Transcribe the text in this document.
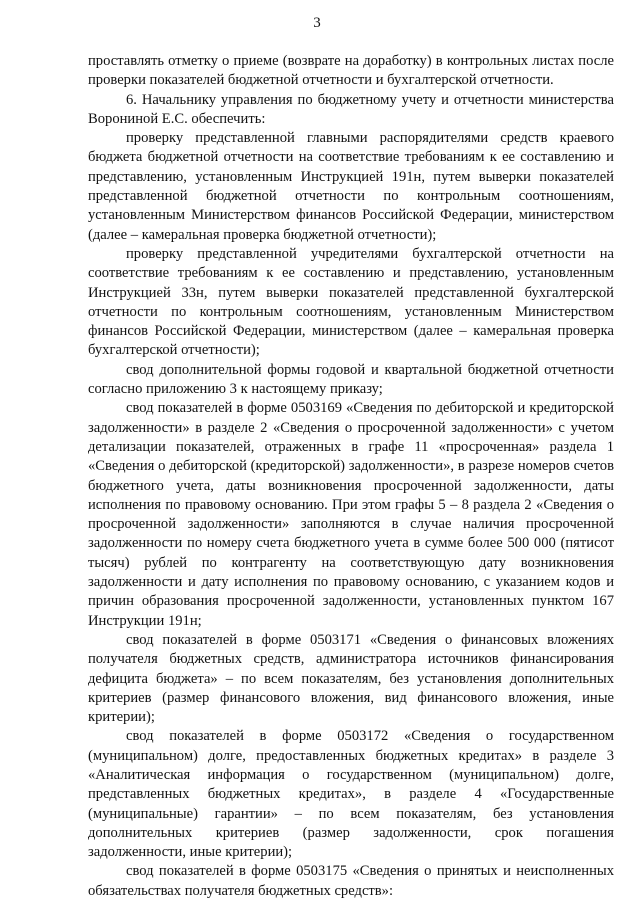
3

проставлять отметку о приеме (возврате на доработку) в контрольных листах после проверки показателей бюджетной отчетности и бухгалтерской отчетности.

6. Начальнику управления по бюджетному учету и отчетности министерства Ворониной Е.С. обеспечить:

проверку представленной главными распорядителями средств краевого бюджета бюджетной отчетности на соответствие требованиям к ее составлению и представлению, установленным Инструкцией 191н, путем выверки показателей представленной бюджетной отчетности по контрольным соотношениям, установленным Министерством финансов Российской Федерации, министерством (далее – камеральная проверка бюджетной отчетности);

проверку представленной учредителями бухгалтерской отчетности на соответствие требованиям к ее составлению и представлению, установленным Инструкцией 33н, путем выверки показателей представленной бухгалтерской отчетности по контрольным соотношениям, установленным Министерством финансов Российской Федерации, министерством (далее – камеральная проверка бухгалтерской отчетности);

свод дополнительной формы годовой и квартальной бюджетной отчетности согласно приложению 3 к настоящему приказу;

свод показателей в форме 0503169 «Сведения по дебиторской и кредиторской задолженности» в разделе 2 «Сведения о просроченной задолженности» с учетом детализации показателей, отраженных в графе 11 «просроченная» раздела 1 «Сведения о дебиторской (кредиторской) задолженности», в разрезе номеров счетов бюджетного учета, даты возникновения просроченной задолженности, даты исполнения по правовому основанию. При этом графы 5 – 8 раздела 2 «Сведения о просроченной задолженности» заполняются в случае наличия просроченной задолженности по номеру счета бюджетного учета в сумме более 500 000 (пятисот тысяч) рублей по контрагенту на соответствующую дату возникновения задолженности и дату исполнения по правовому основанию, с указанием кодов и причин образования просроченной задолженности, установленных пунктом 167 Инструкции 191н;

свод показателей в форме 0503171 «Сведения о финансовых вложениях получателя бюджетных средств, администратора источников финансирования дефицита бюджета» – по всем показателям, без установления дополнительных критериев (размер финансового вложения, вид финансового вложения, иные критерии);

свод показателей в форме 0503172 «Сведения о государственном (муниципальном) долге, предоставленных бюджетных кредитах» в разделе 3 «Аналитическая информация о государственном (муниципальном) долге, представленных бюджетных кредитах», в разделе 4 «Государственные (муниципальные) гарантии» – по всем показателям, без установления дополнительных критериев (размер задолженности, срок погашения задолженности, иные критерии);

свод показателей в форме 0503175 «Сведения о принятых и неисполненных обязательствах получателя бюджетных средств»:
